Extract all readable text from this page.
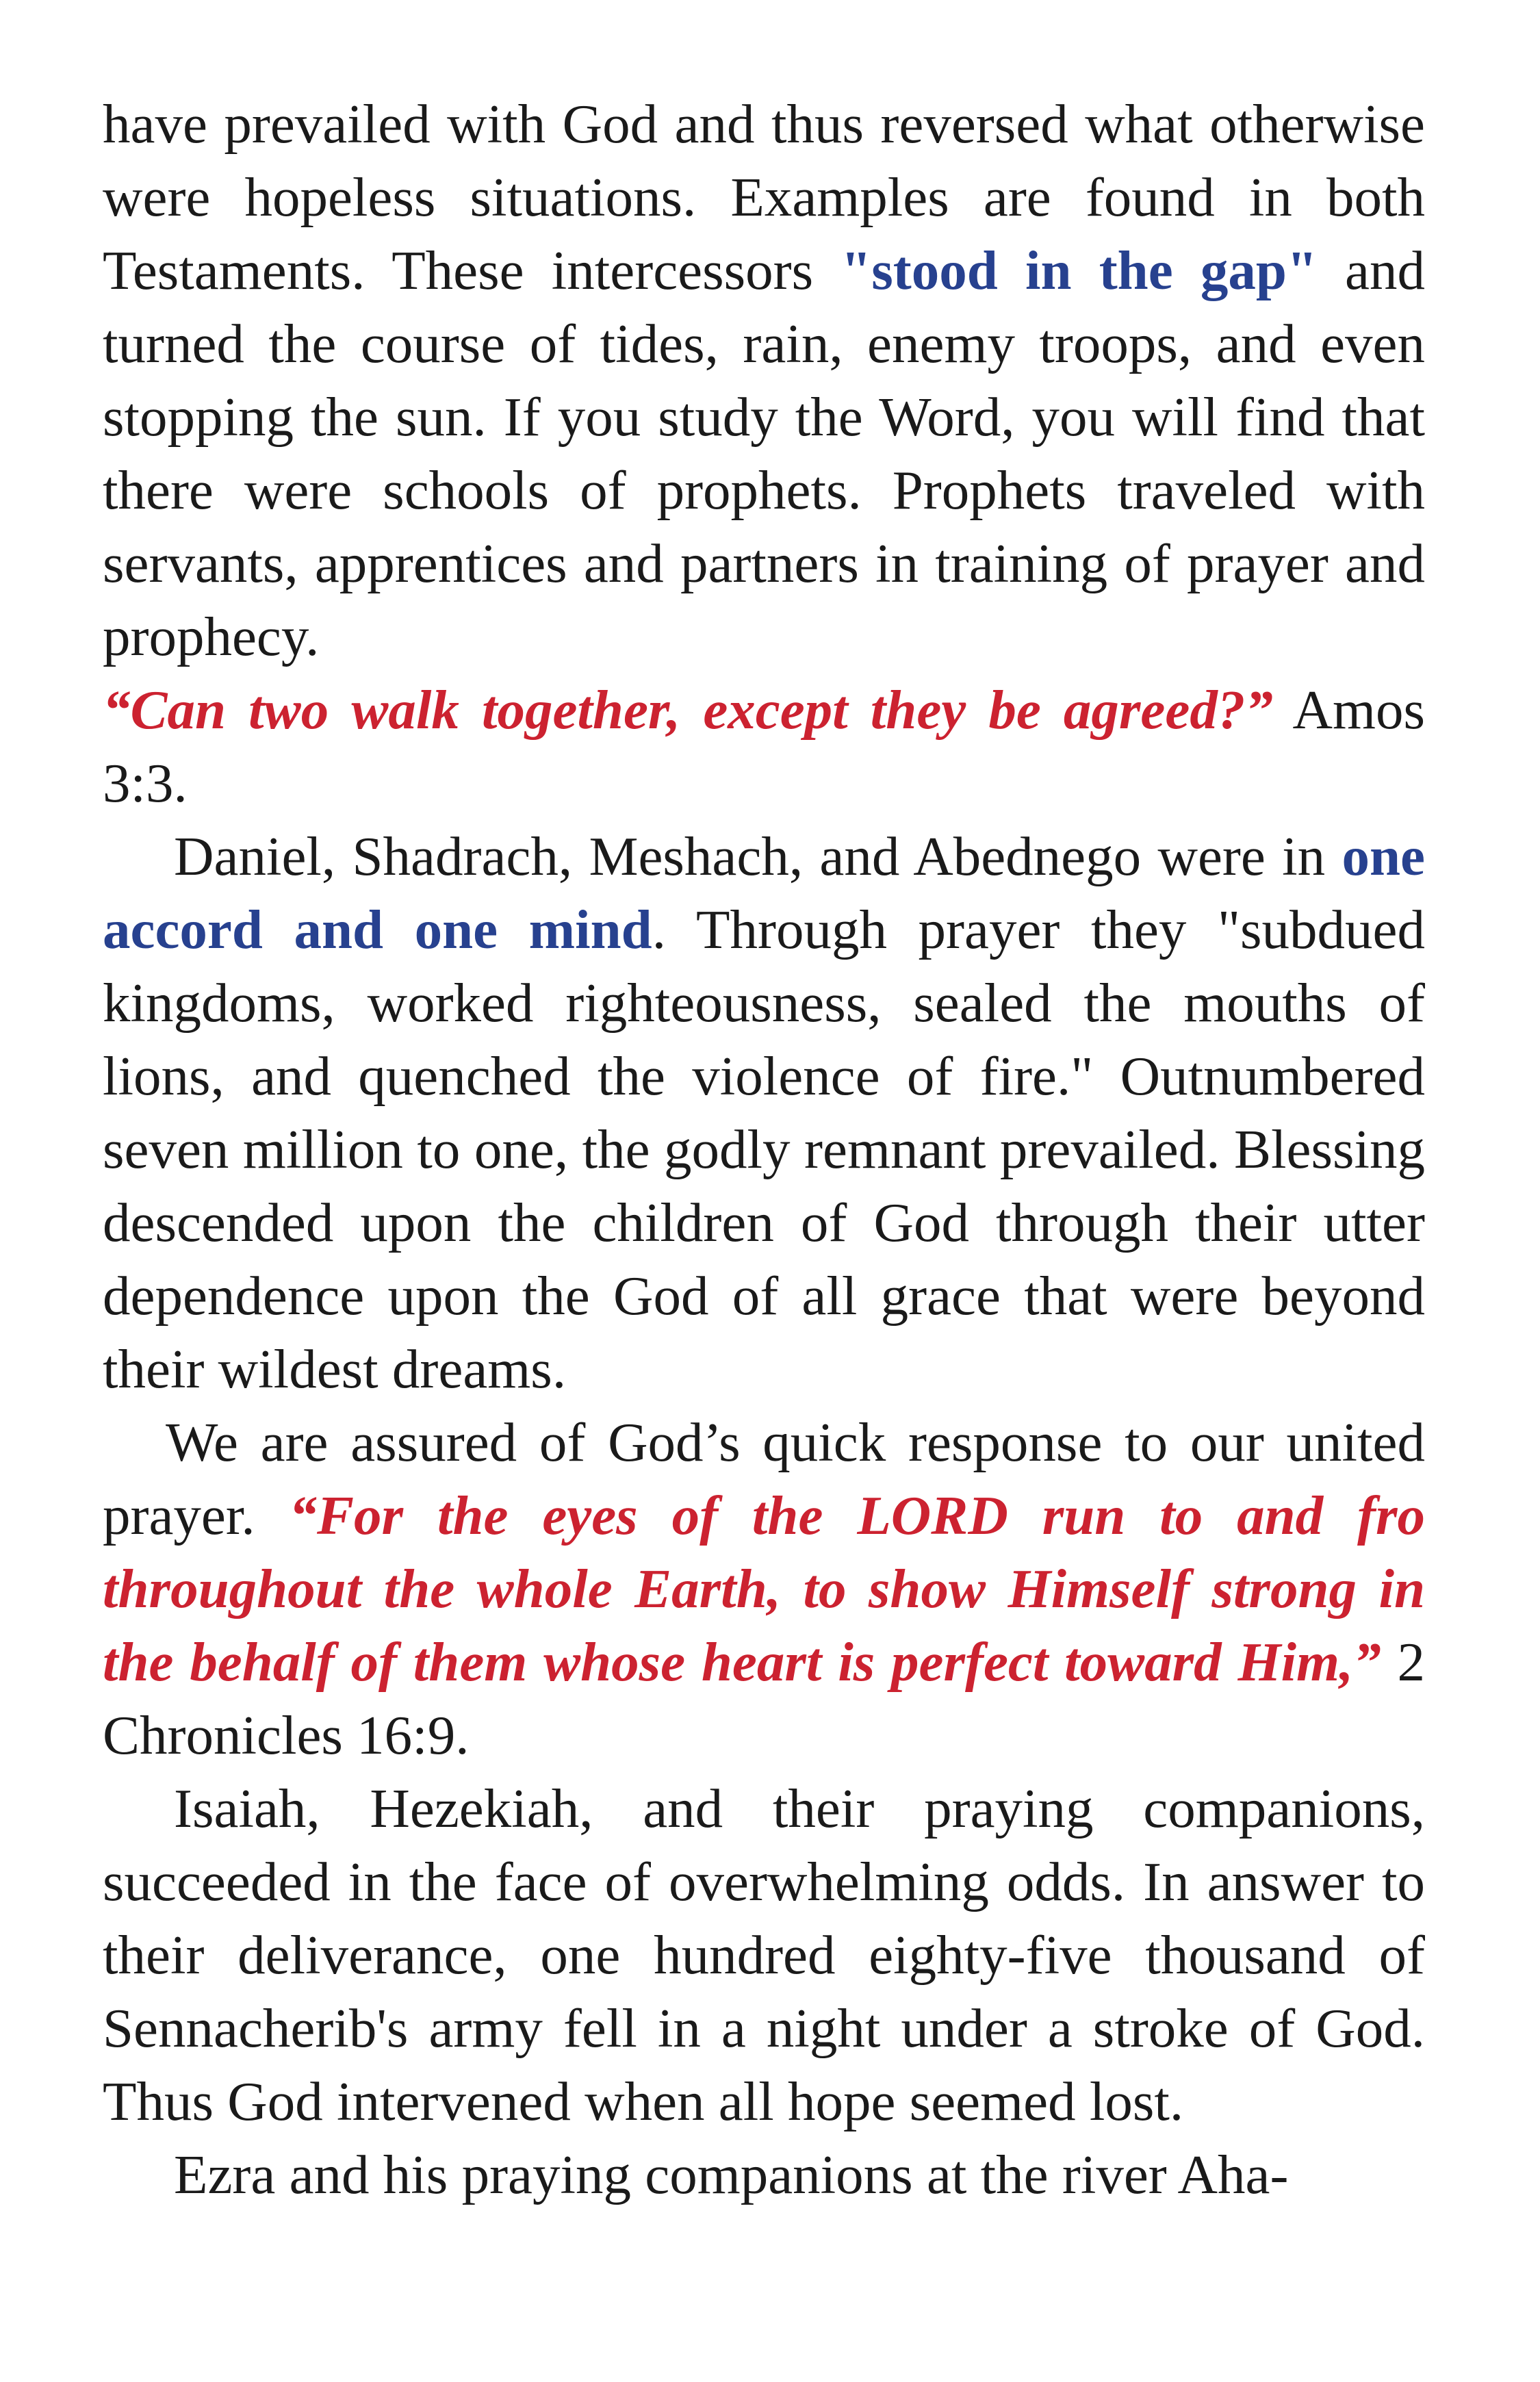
have prevailed with God and thus reversed what otherwise were hopeless situations. Examples are found in both Testaments. These intercessors "stood in the gap" and turned the course of tides, rain, enemy troops, and even stopping the sun. If you study the Word, you will find that there were schools of prophets. Prophets traveled with servants, apprentices and partners in training of prayer and prophecy.

“Can two walk together, except they be agreed?” Amos 3:3.

Daniel, Shadrach, Meshach, and Abednego were in one accord and one mind. Through prayer they "subdued kingdoms, worked righteousness, sealed the mouths of lions, and quenched the violence of fire." Outnumbered seven million to one, the godly remnant prevailed. Blessing descended upon the children of God through their utter dependence upon the God of all grace that were beyond their wildest dreams.

We are assured of God’s quick response to our united prayer. “For the eyes of the LORD run to and fro throughout the whole Earth, to show Himself strong in the behalf of them whose heart is perfect toward Him,” 2 Chronicles 16:9.

Isaiah, Hezekiah, and their praying companions, succeeded in the face of overwhelming odds. In answer to their deliverance, one hundred eighty-five thousand of Sennacherib's army fell in a night under a stroke of God. Thus God intervened when all hope seemed lost.

Ezra and his praying companions at the river Aha-
